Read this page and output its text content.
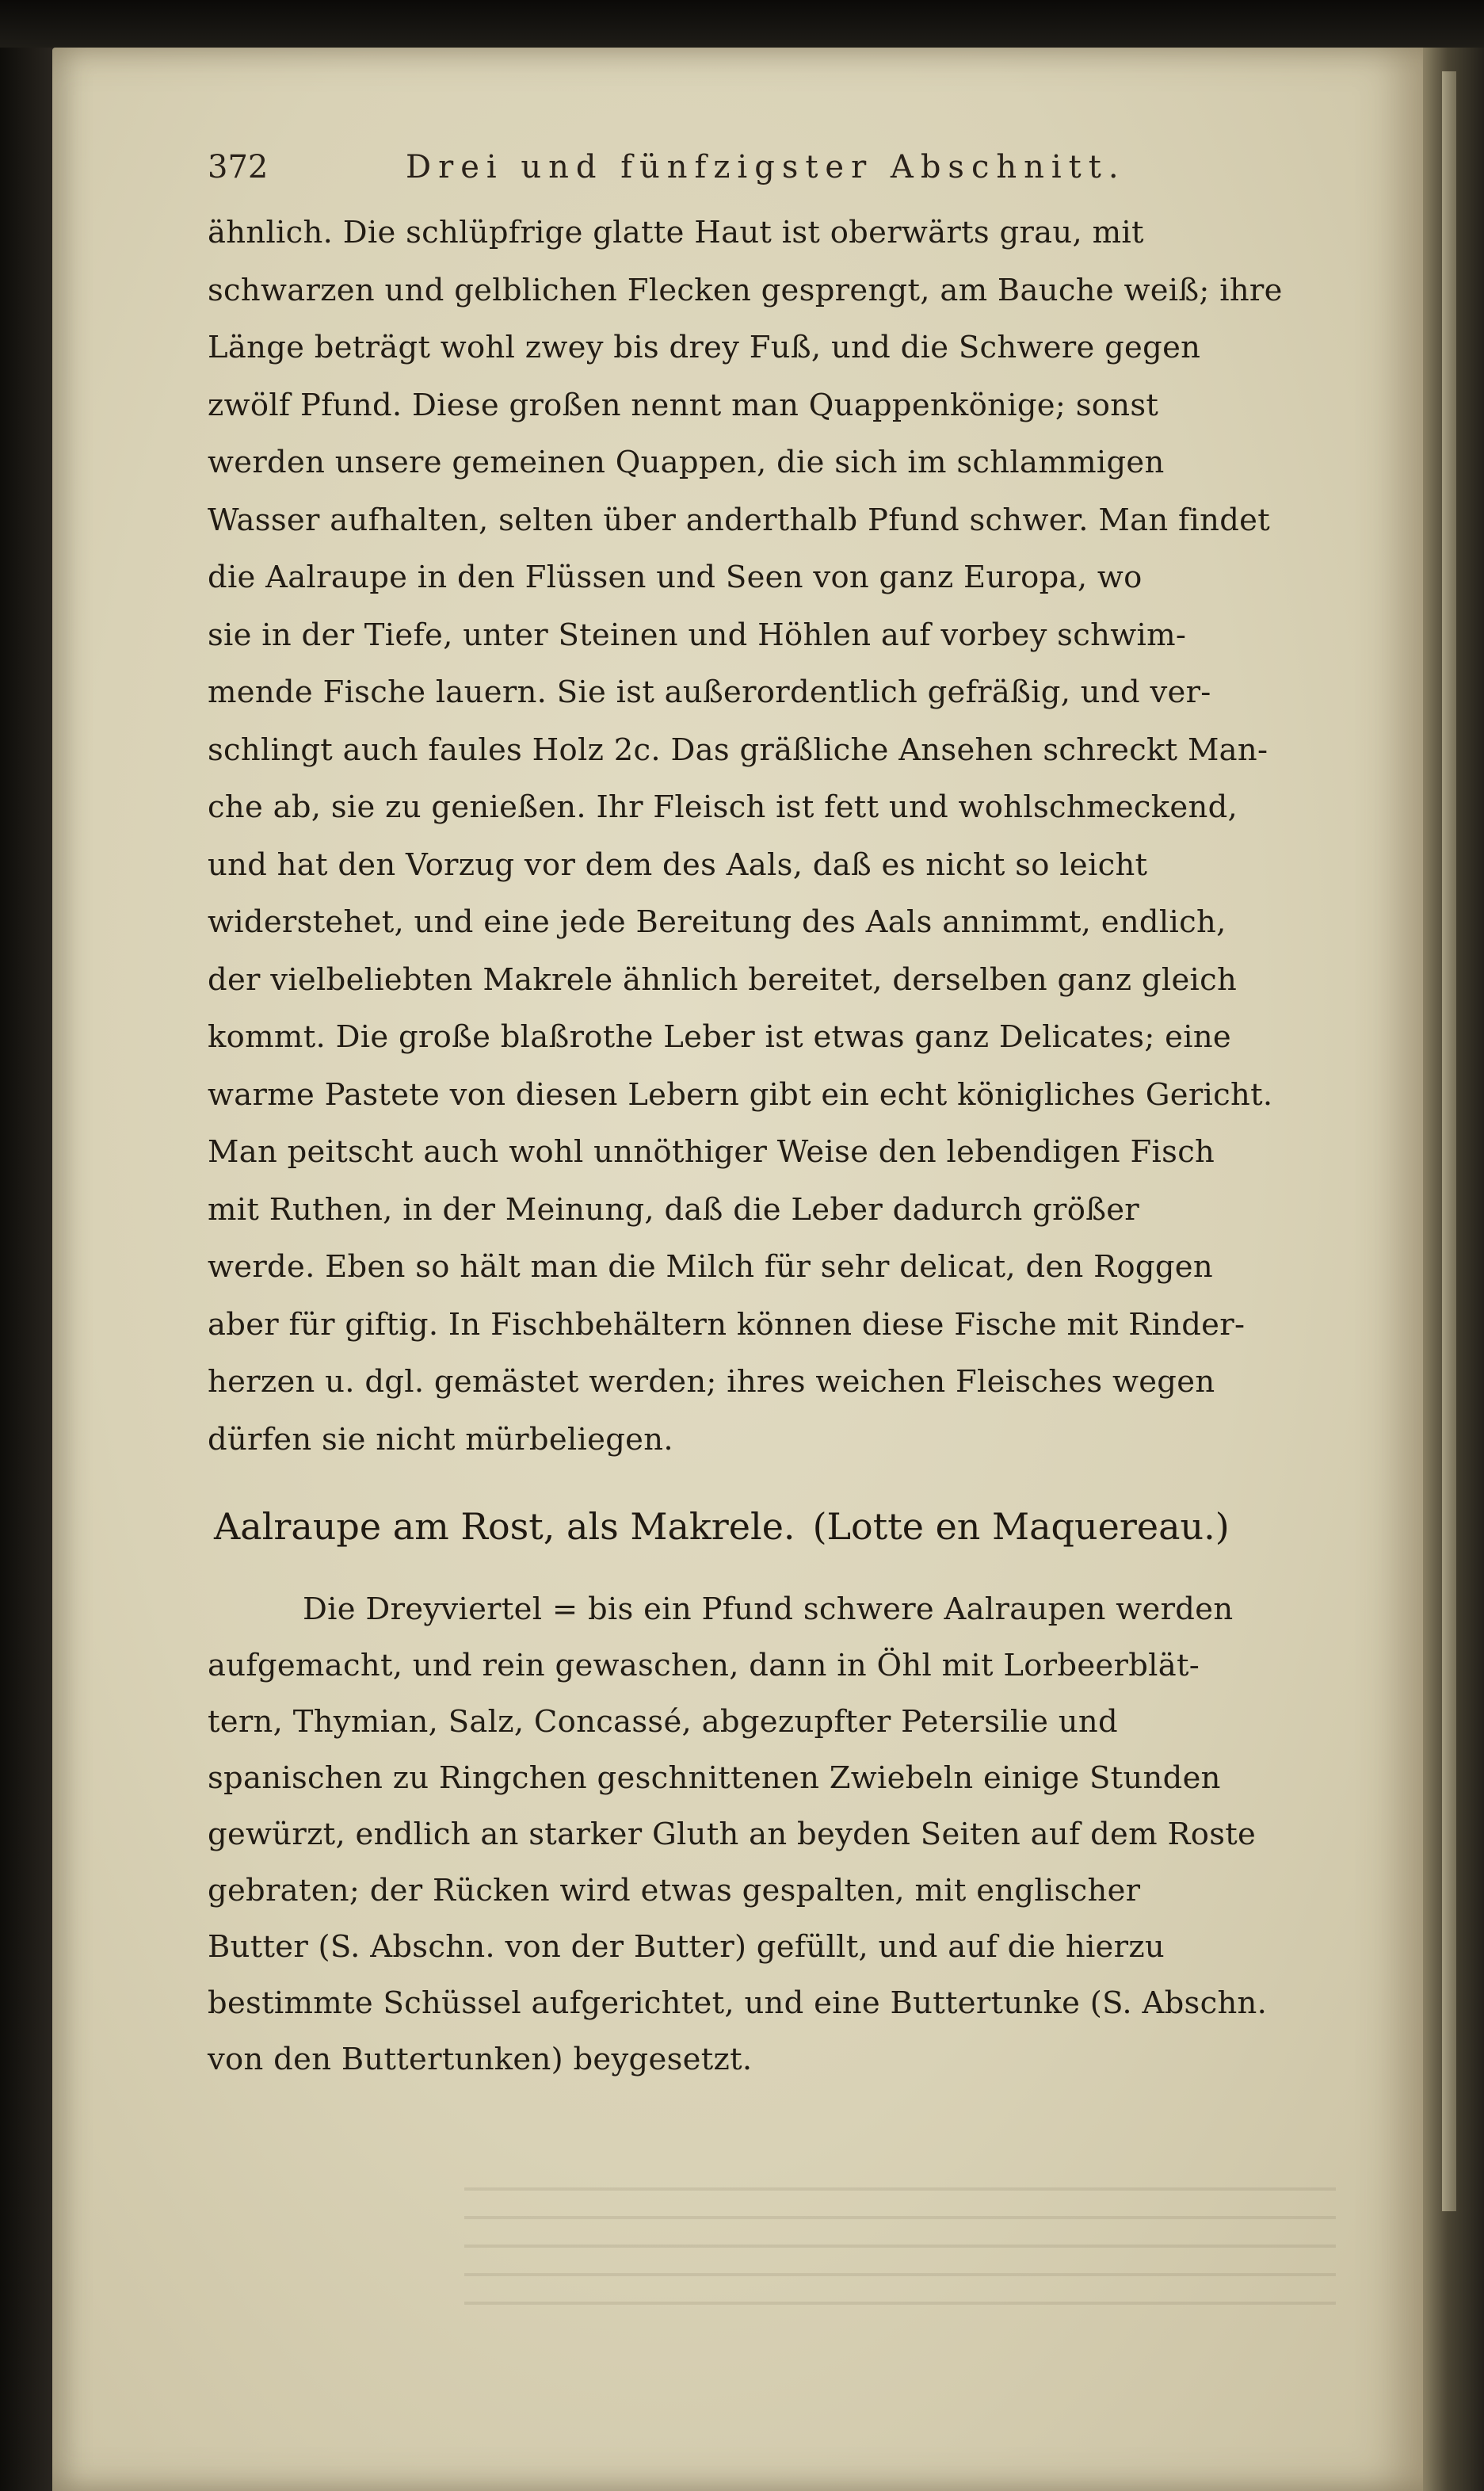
372	Drei und fünfzigster Abschnitt.

ähnlich. Die schlüpfrige glatte Haut ist oberwärts grau, mit
schwarzen und gelblichen Flecken gesprengt, am Bauche weiß; ihre
Länge beträgt wohl zwey bis drey Fuß, und die Schwere gegen
zwölf Pfund. Diese großen nennt man Quappenkönige; sonst
werden unsere gemeinen Quappen, die sich im schlammigen
Wasser aufhalten, selten über anderthalb Pfund schwer. Man findet
die Aalraupe in den Flüssen und Seen von ganz Europa, wo
sie in der Tiefe, unter Steinen und Höhlen auf vorbey schwim-
mende Fische lauern. Sie ist außerordentlich gefräßig, und ver-
schlingt auch faules Holz 2c. Das gräßliche Ansehen schreckt Man-
che ab, sie zu genießen. Ihr Fleisch ist fett und wohlschmeckend,
und hat den Vorzug vor dem des Aals, daß es nicht so leicht
widerstehet, und eine jede Bereitung des Aals annimmt, endlich,
der vielbeliebten Makrele ähnlich bereitet, derselben ganz gleich
kommt. Die große blaßrothe Leber ist etwas ganz Delicates; eine
warme Pastete von diesen Lebern gibt ein echt königliches Gericht.
Man peitscht auch wohl unnöthiger Weise den lebendigen Fisch
mit Ruthen, in der Meinung, daß die Leber dadurch größer
werde. Eben so hält man die Milch für sehr delicat, den Roggen
aber für giftig. In Fischbehältern können diese Fische mit Rinder-
herzen u. dgl. gemästet werden; ihres weichen Fleisches wegen
dürfen sie nicht mürbeliegen.

Aalraupe am Rost, als Makrele. (Lotte en Maquereau.)

Die Dreyviertel = bis ein Pfund schwere Aalraupen werden
aufgemacht, und rein gewaschen, dann in Öhl mit Lorbeerblät-
tern, Thymian, Salz, Concassé, abgezupfter Petersilie und
spanischen zu Ringchen geschnittenen Zwiebeln einige Stunden
gewürzt, endlich an starker Gluth an beyden Seiten auf dem Roste
gebraten; der Rücken wird etwas gespalten, mit englischer
Butter (S. Abschn. von der Butter) gefüllt, und auf die hierzu
bestimmte Schüssel aufgerichtet, und eine Buttertunke (S. Abschn.
von den Buttertunken) beygesetzt.
